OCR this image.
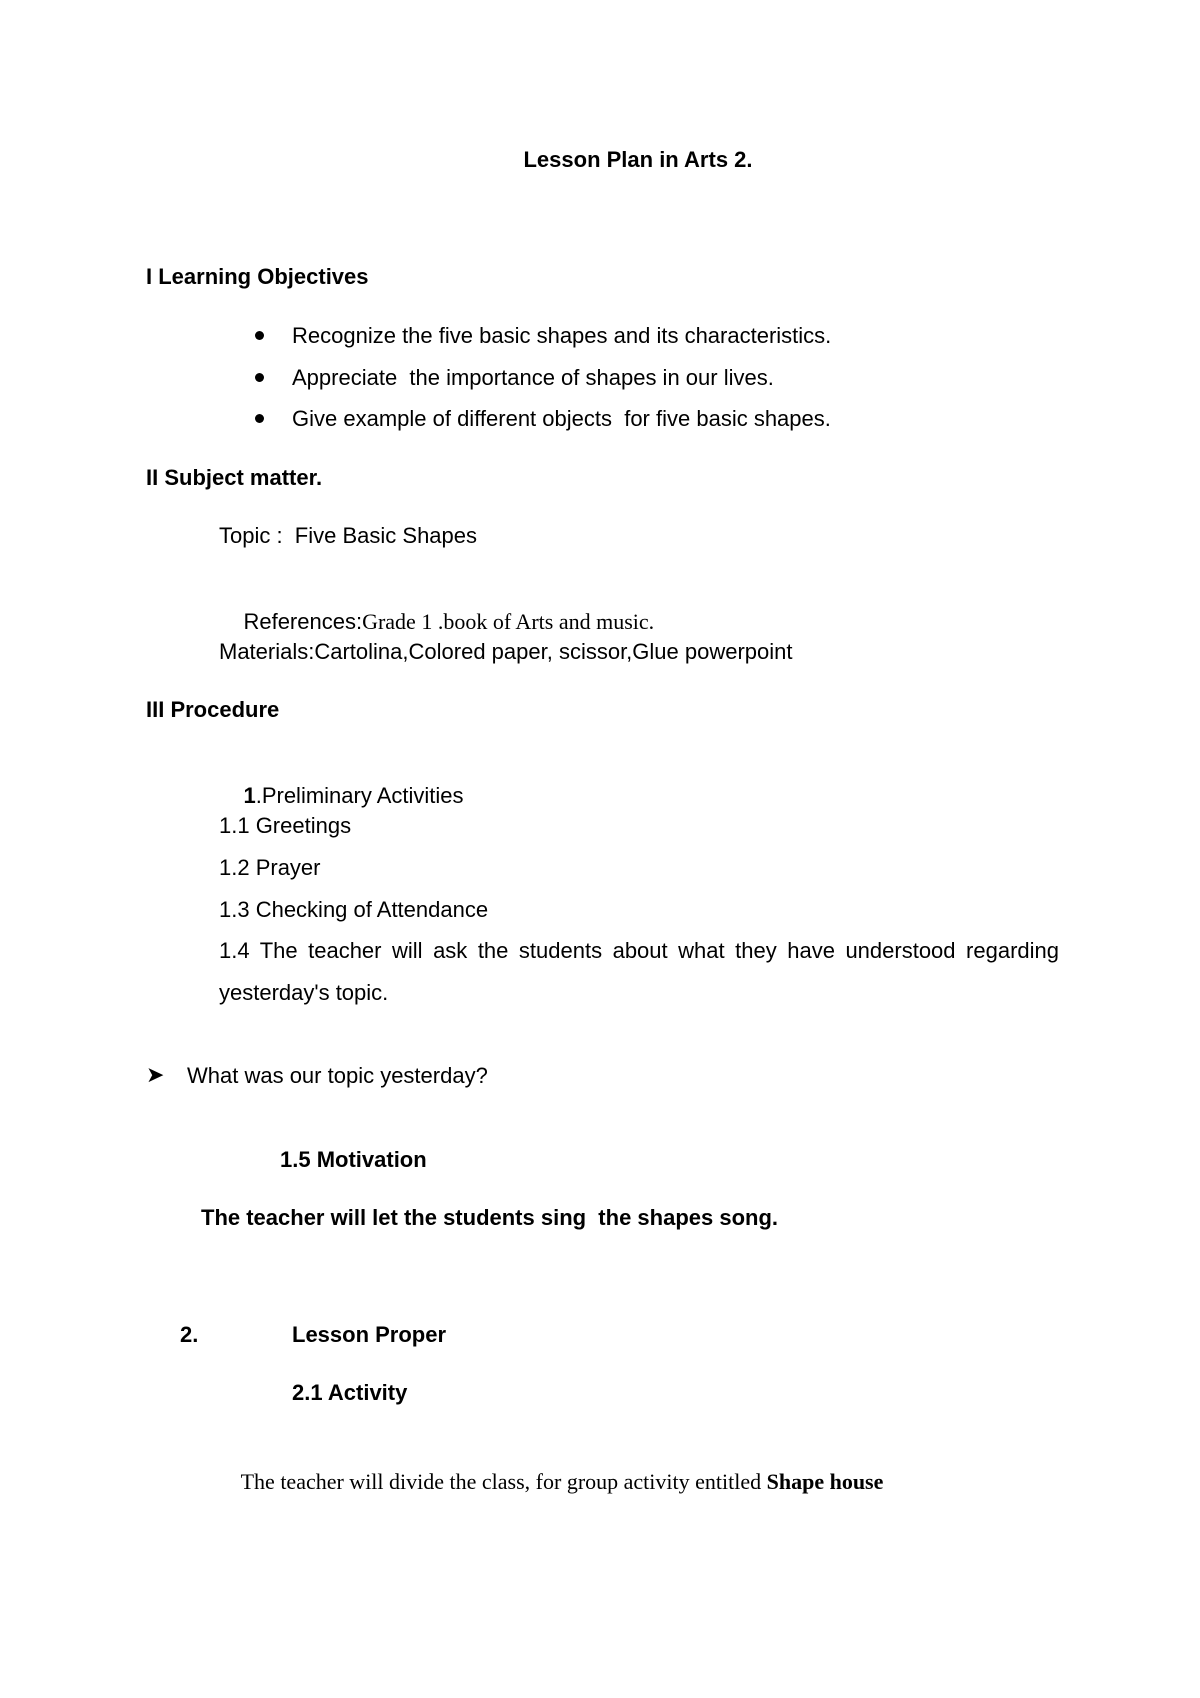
Lesson Plan in Arts 2.
I Learning Objectives
Recognize the five basic shapes and its characteristics.
Appreciate  the importance of shapes in our lives.
Give example of different objects  for five basic shapes.
II Subject matter.
Topic :  Five Basic Shapes

References:Grade 1 .book of Arts and music.

Materials:Cartolina,Colored paper, scissor,Glue powerpoint
III Procedure

1.Preliminary Activities

1.1 Greetings
1.2 Prayer
1.3 Checking of Attendance
1.4 The teacher will ask the students about what they have understood regarding yesterday's topic.
➤ What was our topic yesterday?
1.5 Motivation
The teacher will let the students sing  the shapes song.
2.	Lesson Proper
2.1 Activity

The teacher will divide the class, for group activity entitled Shape house
